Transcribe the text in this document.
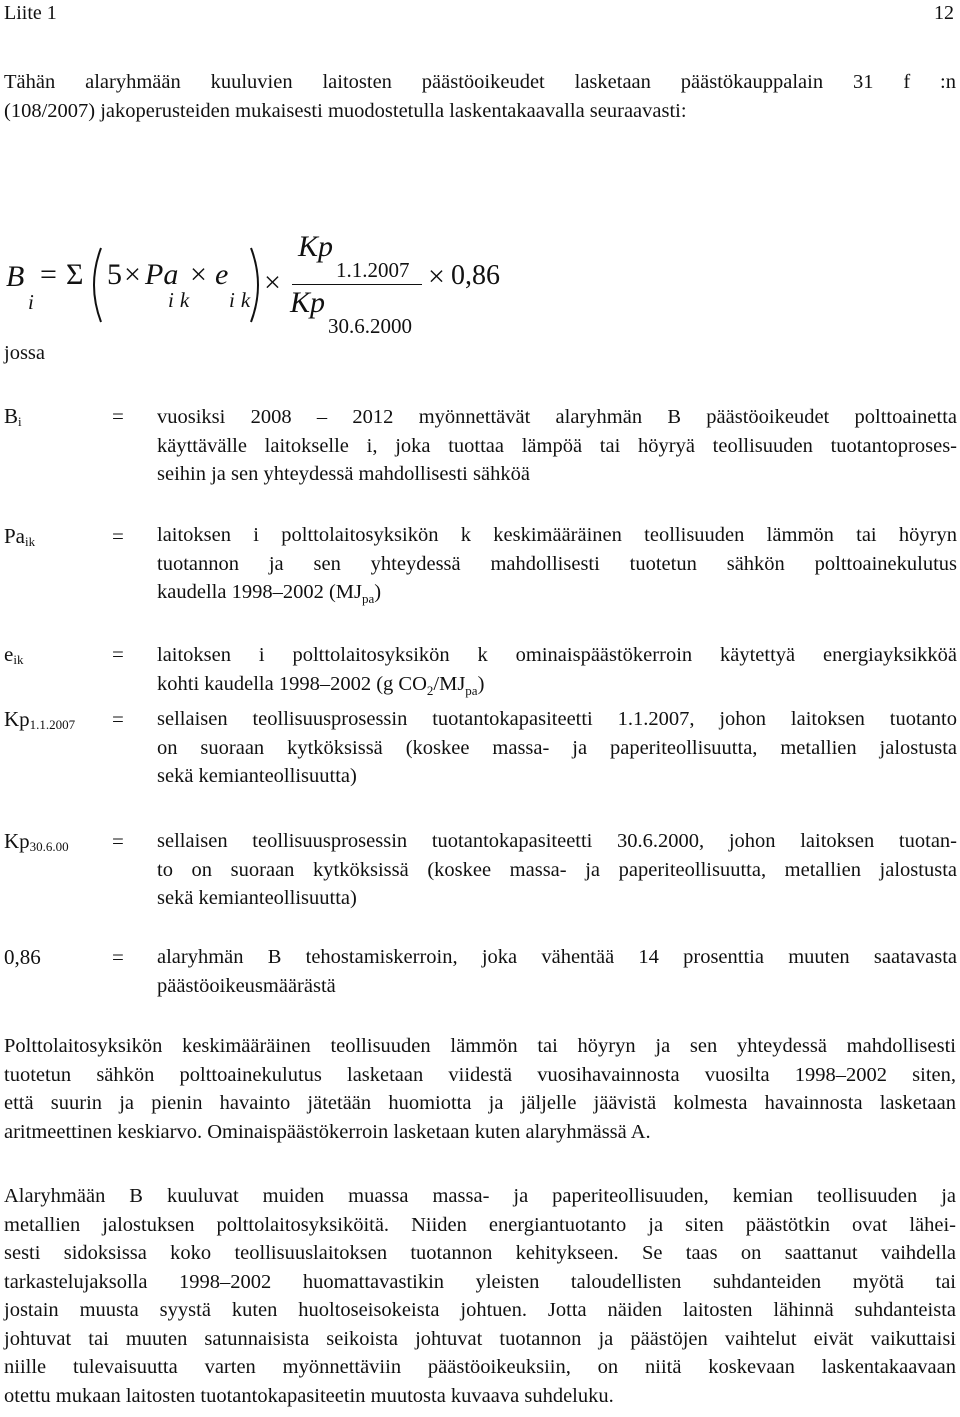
Liite 1	12
Tähän alaryhmään kuuluvien laitosten päästöoikeudet lasketaan päästökauppalain 31 f :n
(108/2007) jakoperusteiden mukaisesti muodostetulla laskentakaavalla seuraavasti:
B
i
= Σ 5 × Pa
ik
× e
ik
×
Kp
1.1.2007
Kp
30.6.2000
× 0,86
jossa
$B_i$	= vuosiksi 2008 – 2012 myönnettävät alaryhmän B päästöoikeudet polttoainetta
käyttävälle laitokselle i, joka tuottaa lämpöä tai höyryä teollisuuden tuotantoproses-
seihin ja sen yhteydessä mahdollisesti sähköä
$Pa_{ik}$	= laitoksen i polttolaitosyksikön k keskimääräinen teollisuuden lämmön tai höyryn
tuotannon ja sen yhteydessä mahdollisesti tuotetun sähkön polttoainekulutus
kaudella 1998–2002 $(MJ_{pa})$
$e_{ik}$	= laitoksen i polttolaitosyksikön k ominaispäästökerroin käytettyä energiayksikköä
kohti kaudella 1998–2002 (g $CO_2/MJ_{pa}$)
$Kp_{1.1.2007}$ = sellaisen teollisuusprosessin tuotantokapasiteetti 1.1.2007, johon laitoksen tuotanto
on suoraan kytköksissä (koskee massa- ja paperiteollisuutta, metallien jalostusta
sekä kemianteollisuutta)
$Kp_{30.6.00}$ = sellaisen teollisuusprosessin tuotantokapasiteetti 30.6.2000, johon laitoksen tuotan-
to on suoraan kytköksissä (koskee massa- ja paperiteollisuutta, metallien jalostusta
sekä kemianteollisuutta)
0,86	= alaryhmän B tehostamiskerroin, joka vähentää 14 prosenttia muuten saatavasta
päästöoikeusmäärästä
Polttolaitosyksikön keskimääräinen teollisuuden lämmön tai höyryn ja sen yhteydessä mahdollisesti
tuotetun sähkön polttoainekulutus lasketaan viidestä vuosihavainnosta vuosilta 1998–2002 siten,
että suurin ja pienin havainto jätetään huomiotta ja jäljelle jäävistä kolmesta havainnosta lasketaan
aritmeettinen keskiarvo. Ominaispäästökerroin lasketaan kuten alaryhmässä A.
Alaryhmään B kuuluvat muiden muassa massa- ja paperiteollisuuden, kemian teollisuuden ja
metallien jalostuksen polttolaitosyksiköitä. Niiden energiantuotanto ja siten päästötkin ovat lähei-
sesti sidoksissa koko teollisuuslaitoksen tuotannon kehitykseen. Se taas on saattanut vaihdella
tarkastelujaksolla 1998–2002 huomattavastikin yleisten taloudellisten suhdanteiden myötä tai
jostain muusta syystä kuten huoltoseisokeista johtuen. Jotta näiden laitosten lähinnä suhdanteista
johtuvat tai muuten satunnaisista seikoista johtuvat tuotannon ja päästöjen vaihtelut eivät vaikuttaisi
niille tulevaisuutta varten myönnettäviin päästöoikeuksiin, on niitä koskevaan laskentakaavaan
otettu mukaan laitosten tuotantokapasiteetin muutosta kuvaava suhdeluku.
